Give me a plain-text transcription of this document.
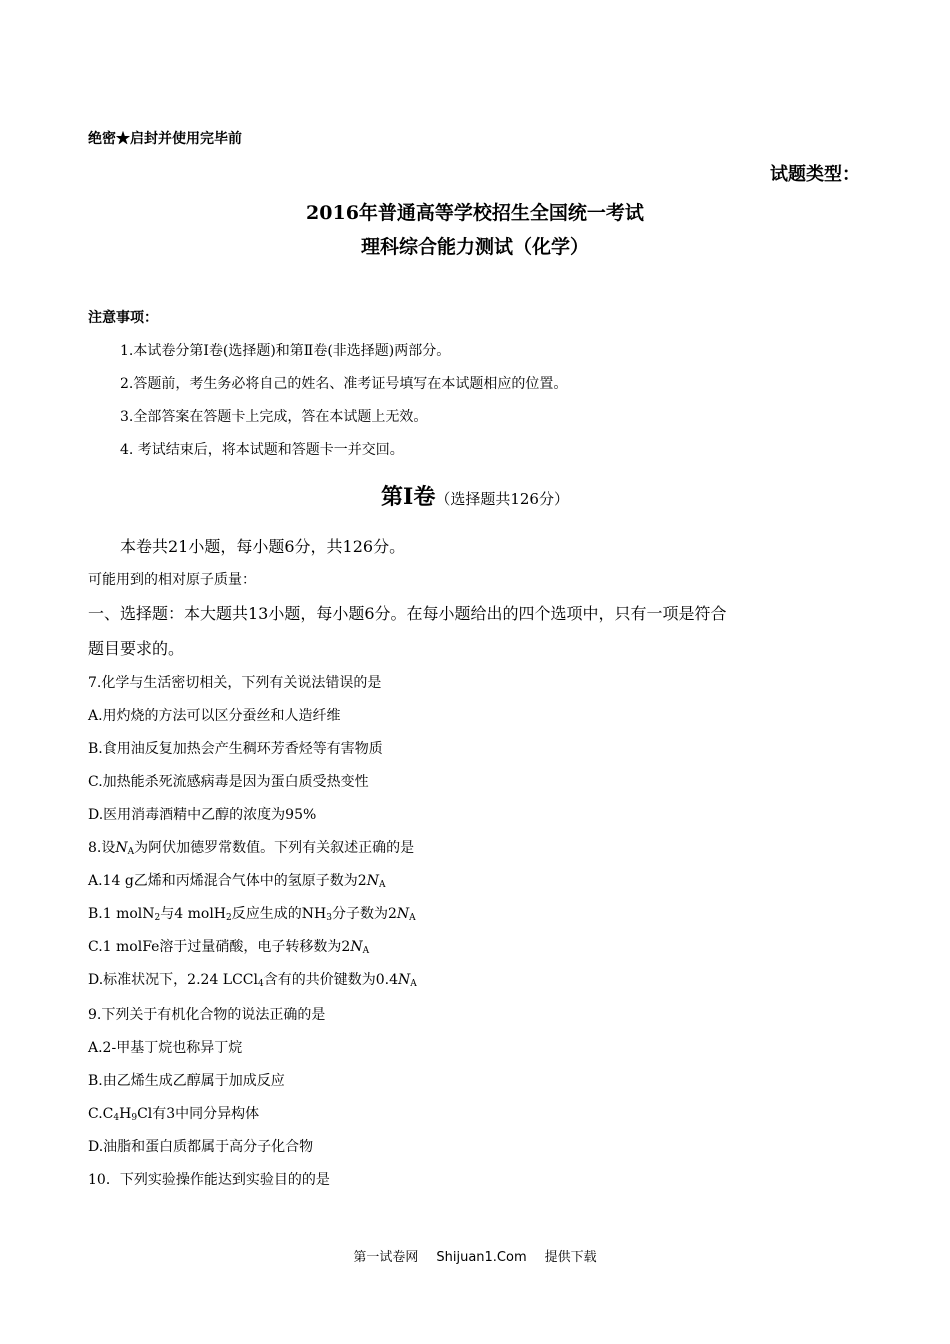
绝密★启封并使用完毕前
试题类型：
2016年普通高等学校招生全国统一考试
理科综合能力测试（化学）
注意事项：
1.本试卷分第Ⅰ卷(选择题)和第Ⅱ卷(非选择题)两部分。
2.答题前，考生务必将自己的姓名、准考证号填写在本试题相应的位置。
3.全部答案在答题卡上完成，答在本试题上无效。
4. 考试结束后，将本试题和答题卡一并交回。
第Ⅰ卷（选择题共126分）
本卷共21小题，每小题6分，共126分。
可能用到的相对原子质量：
一、选择题：本大题共13小题，每小题6分。在每小题给出的四个选项中，只有一项是符合
题目要求的。
7.化学与生活密切相关，下列有关说法错误的是
A.用灼烧的方法可以区分蚕丝和人造纤维
B.食用油反复加热会产生稠环芳香烃等有害物质
C.加热能杀死流感病毒是因为蛋白质受热变性
D.医用消毒酒精中乙醇的浓度为95%
8.设$N_A$为阿伏加德罗常数值。下列有关叙述正确的是
A.14 g乙烯和丙烯混合气体中的氢原子数为$2N_A$
B.1 molN$_2$与4 molH$_2$反应生成的$NH_3$分子数为$2N_A$
C.1 molFe溶于过量硝酸，电子转移数为$2N_A$
D.标准状况下，2.24 LCCl$_4$含有的共价键数为$0.4N_A$
9.下列关于有机化合物的说法正确的是
A.2-甲基丁烷也称异丁烷
B.由乙烯生成乙醇属于加成反应
$C.C_4H_9Cl$有3中同分异构体
D.油脂和蛋白质都属于高分子化合物
10．下列实验操作能达到实验目的的是
第一试卷网 Shijuan1.Com 提供下载
